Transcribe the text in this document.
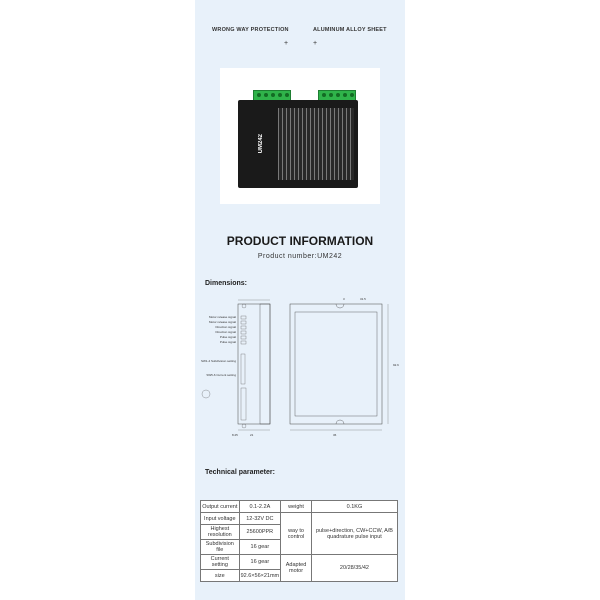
WRONG WAY PROTECTION
+
ALUMINUM ALLOY SHEET
+
UM242
PRODUCT INFORMATION
Product number:UM242
Dimensions:
Motor release signal
Motor release signal
Direction signal
Direction signal
Pulse signal
Pulse signal
SW1-4 Subdivision setting
SW5-6 Current setting
8.25	21	36
92.6
3	31.5
Technical parameter:
Output current	0.1-2.2A	weight	0.1KG
Input voltage	12-32V DC	way to control	pulse+direction, CW+CCW, A/B quadrature pulse input
Highest resolution	25600PPR		
Subdivision file	16 gear		
Current setting	16 gear	Adapted motor	20/28/35/42
size	92.6×56×21mm		
